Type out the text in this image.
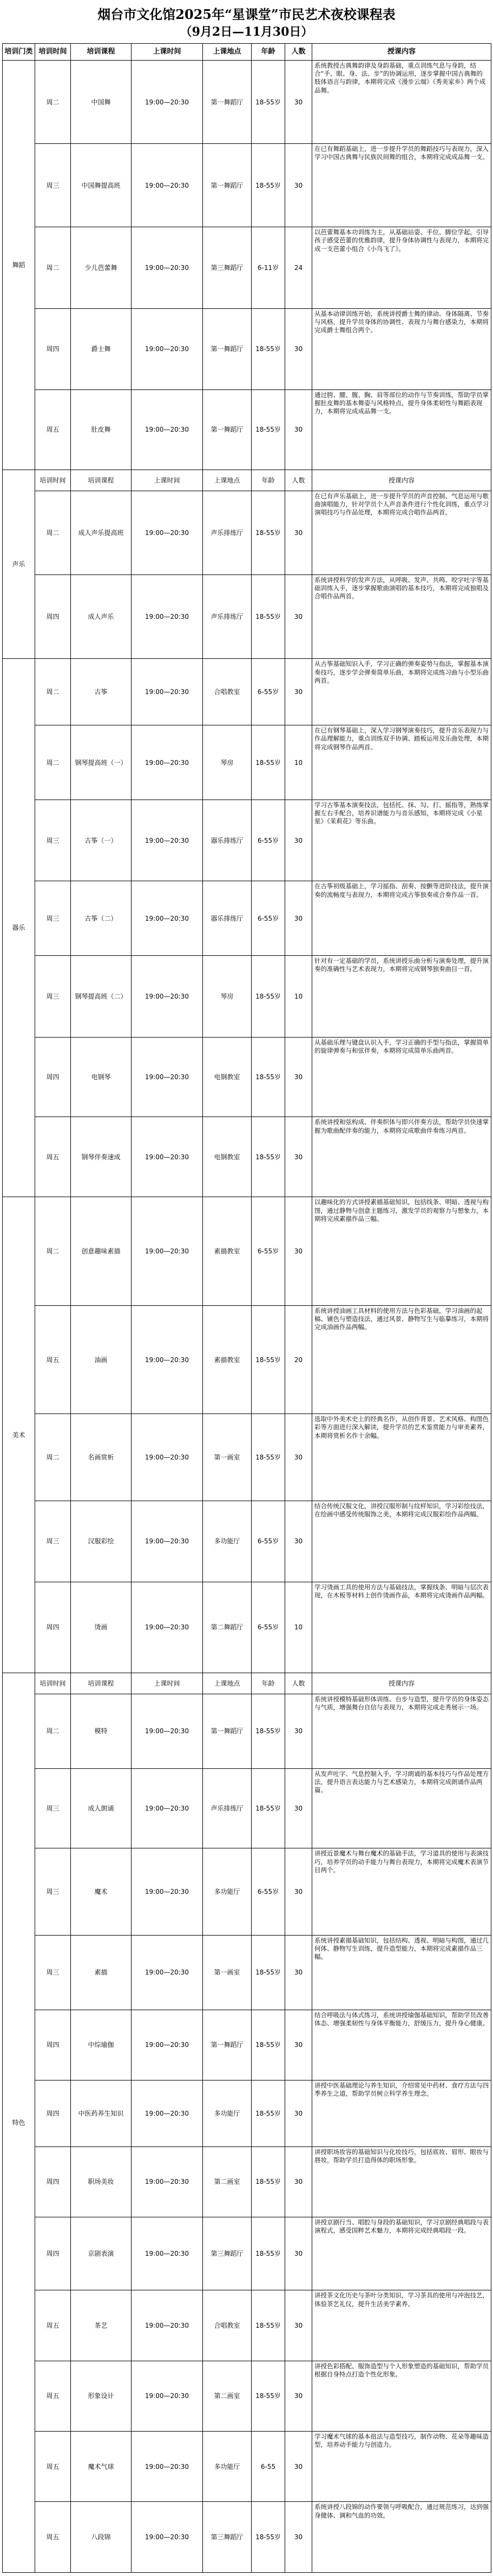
烟台市文化馆2025年“星课堂”市民艺术夜校课程表
（9月2日—11月30日）
培训门类	培训时间	培训课程	上课时间	上课地点	年龄	人数	授课内容
舞蹈	周二	中国舞	19:00—20:30	第一舞蹈厅	18-55岁	30	系统教授古典舞韵律及身韵基础，重点训练气息与身韵，结合“手、眼、身、法、步”的协调运用，逐步掌握中国古典舞的肢体语言与韵律，本期将完成《漫步云端》《秀美家乡》两个成品舞。
	周三	中国舞提高班	19:00—20:30	第一舞蹈厅	18-55岁	30	在已有舞蹈基础上，进一步提升学员的舞蹈技巧与表现力，深入学习中国古典舞与民族民间舞的组合，本期将完成成品舞一支。
	周二	少儿芭蕾舞	19:00—20:30	第三舞蹈厅	6-11岁	24	以芭蕾舞基本功训练为主，从基础站姿、手位、脚位学起，引导孩子感受芭蕾的优雅韵律，提升身体协调性与表现力，本期将完成一支芭蕾小组合《小鸟飞了》。
	周四	爵士舞	19:00—20:30	第一舞蹈厅	18-55岁	30	从基本动律训练开始，系统讲授爵士舞的律动、身体隔离、节奏与风格，提升学员身体的协调性、表现力与舞台感染力，本期将完成爵士舞组合两个。
	周五	肚皮舞	19:00—20:30	第一舞蹈厅	18-55岁	30	通过胯、腰、腹、胸、肩等部位的动作与节奏训练，帮助学员掌握肚皮舞的基本舞姿与风格特点，提升身体柔韧性与舞蹈表现力，本期将完成成品舞一支。
声乐	培训时间	培训课程	上课时间	上课地点	年龄	人数	授课内容
	周二	成人声乐提高班	19:00—20:30	声乐排练厅	18-55岁	30	在已有声乐基础上，进一步提升学员的声音控制、气息运用与歌曲演唱能力，针对学员个人声音条件进行个性化训练，重点学习演唱技巧与作品处理，本期将完成合唱作品两首。
	周四	成人声乐	19:00—20:30	声乐排练厅	18-55岁	30	系统讲授科学的发声方法，从呼吸、发声、共鸣、咬字吐字等基础训练入手，逐步掌握歌曲演唱的基本技巧，本期将完成独唱及合唱作品两首。
器乐	周二	古筝	19:00—20:30	合唱教室	6-55岁	30	从古筝基础知识入手，学习正确的弹奏姿势与指法，掌握基本演奏技巧，逐步学会弹奏简单乐曲，本期将完成练习曲与小型乐曲两首。
	周二	钢琴提高班（一）	19:00—20:30	琴房	18-55岁	10	在已有钢琴基础上，深入学习钢琴演奏技巧，提升音乐表现力与作品理解能力，重点训练双手协调、踏板运用及乐曲处理，本期将完成钢琴作品两首。
	周三	古筝（一）	19:00—20:30	器乐排练厅	6-55岁	30	学习古筝基本演奏技法，包括托、抹、勾、打、摇指等，熟练掌握左右手配合，培养识谱能力与音乐感知，本期将完成《小星星》《茉莉花》等乐曲。
	周三	古筝（二）	19:00—20:30	器乐排练厅	6-55岁	30	在古筝初级基础上，学习摇指、刮奏、按颤等进阶技法，提升演奏的流畅度与表现力，本期将完成古筝独奏或合奏作品一首。
	周三	钢琴提高班（二）	19:00—20:30	琴房	18-55岁	10	针对有一定基础的学员，系统讲授乐曲分析与演奏处理，提升演奏的准确性与艺术表现力，本期将完成钢琴独奏曲目一首。
	周四	电钢琴	19:00—20:30	电钢教室	18-55岁	30	从基础乐理与键盘认识入手，学习正确的手型与指法，掌握简单的旋律弹奏与和弦伴奏，本期将完成简单乐曲两首。
	周五	钢琴伴奏速成	19:00—20:30	电钢教室	18-55岁	30	系统讲授和弦构成、伴奏织体与即兴伴奏方法，帮助学员快速掌握为歌曲配伴奏的能力，本期将完成歌曲伴奏练习两首。
美术	周二	创意趣味素描	19:00—20:30	素描教室	6-55岁	30	以趣味化的方式讲授素描基础知识，包括线条、明暗、透视与构图，通过静物与创意主题练习，激发学员的观察力与想象力，本期将完成素描作品三幅。
	周五	油画	19:00—20:30	素描教室	18-55岁	20	系统讲授油画工具材料的使用方法与色彩基础，学习油画的起稿、铺色与塑造技法，通过风景、静物写生与临摹练习，本期将完成油画作品两幅。
	周二	名画赏析	19:00—20:30	第一画室	18-55岁	30	选取中外美术史上的经典名作，从创作背景、艺术风格、构图色彩等方面进行深入解读，提升学员的艺术鉴赏能力与审美素养，本期将赏析名作十余幅。
	周三	汉服彩绘	19:00—20:30	多功能厅	6-55岁	30	结合传统汉服文化，讲授汉服形制与纹样知识，学习彩绘技法，在绘画中感受传统服饰之美，本期将完成汉服彩绘作品两幅。
	周四	烫画	19:00—20:30	第二舞蹈厅	6-55岁	10	学习烫画工具的使用方法与基础技法，掌握线条、明暗与层次表现，在木板等材料上创作烫画作品，本期将完成烫画作品两幅。
特色	培训时间	培训课程	上课时间	上课地点	年龄	人数	授课内容
	周二	模特	19:00—20:30	第一舞蹈厅	18-55岁	30	系统讲授模特基础形体训练、台步与造型，提升学员的身体姿态与气质，增强舞台自信与表现力，本期将完成走秀展示一场。
	周三	成人朗诵	19:00—20:30	声乐排练厅	18-55岁	30	从发声吐字、气息控制入手，学习朗诵的基本技巧与作品处理方法，提升语言表达能力与艺术感染力，本期将完成朗诵作品两篇。
	周三	魔术	19:00—20:30	多功能厅	6-55岁	30	讲授近景魔术与舞台魔术的基础手法，学习道具的使用与表演技巧，培养学员的动手能力与舞台表现力，本期将完成魔术表演节目两个。
	周三	素描	19:00—20:30	第一画室	18-55岁	30	系统讲授素描基础知识，包括结构、透视、明暗与构图，通过几何体、静物写生训练，提升造型能力，本期将完成素描作品三幅。
	周四	中综瑜伽	19:00—20:30	第一舞蹈厅	18-55岁	30	结合呼吸法与体式练习，系统讲授瑜伽基础知识，帮助学员改善体态、增强柔韧性与身体平衡能力，舒缓压力，提升身心健康。
	周四	中医药养生知识	19:00—20:30	多功能厅	18-55岁	30	讲授中医基础理论与养生知识，介绍常见中药材、食疗方法与四季养生之道，帮助学员树立科学养生理念。
	周四	职场美妆	19:00—20:30	第二画室	18-55岁	30	讲授职场妆容的基础知识与化妆技巧，包括底妆、眉形、眼妆与唇妆，帮助学员打造得体的职场形象。
	周四	京剧表演	19:00—20:30	第三舞蹈厅	18-55岁	30	讲授京剧行当、唱腔与身段的基础知识，学习京剧经典唱段与表演程式，感受国粹艺术魅力，本期将完成经典唱段一段。
	周五	茶艺	19:00—20:30	合唱教室	18-55岁	30	讲授茶文化历史与茶叶分类知识，学习茶具的使用与冲泡技艺，体验茶艺礼仪，提升生活美学素养。
	周五	形象设计	19:00—20:30	第二画室	18-55岁	30	讲授色彩搭配、服饰造型与个人形象塑造的基础知识，帮助学员根据自身特点打造个性化形象。
	周五	魔术气球	19:00—20:30	多功能厅	6-55	30	学习魔术气球的基本扭法与造型技巧，制作动物、花朵等趣味造型，培养动手能力与创造力。
	周五	八段锦	19:00—20:30	第三舞蹈厅	18-55岁	30	系统讲授八段锦的动作要领与呼吸配合，通过规范练习，达到强身健体、调和气血的功效。
